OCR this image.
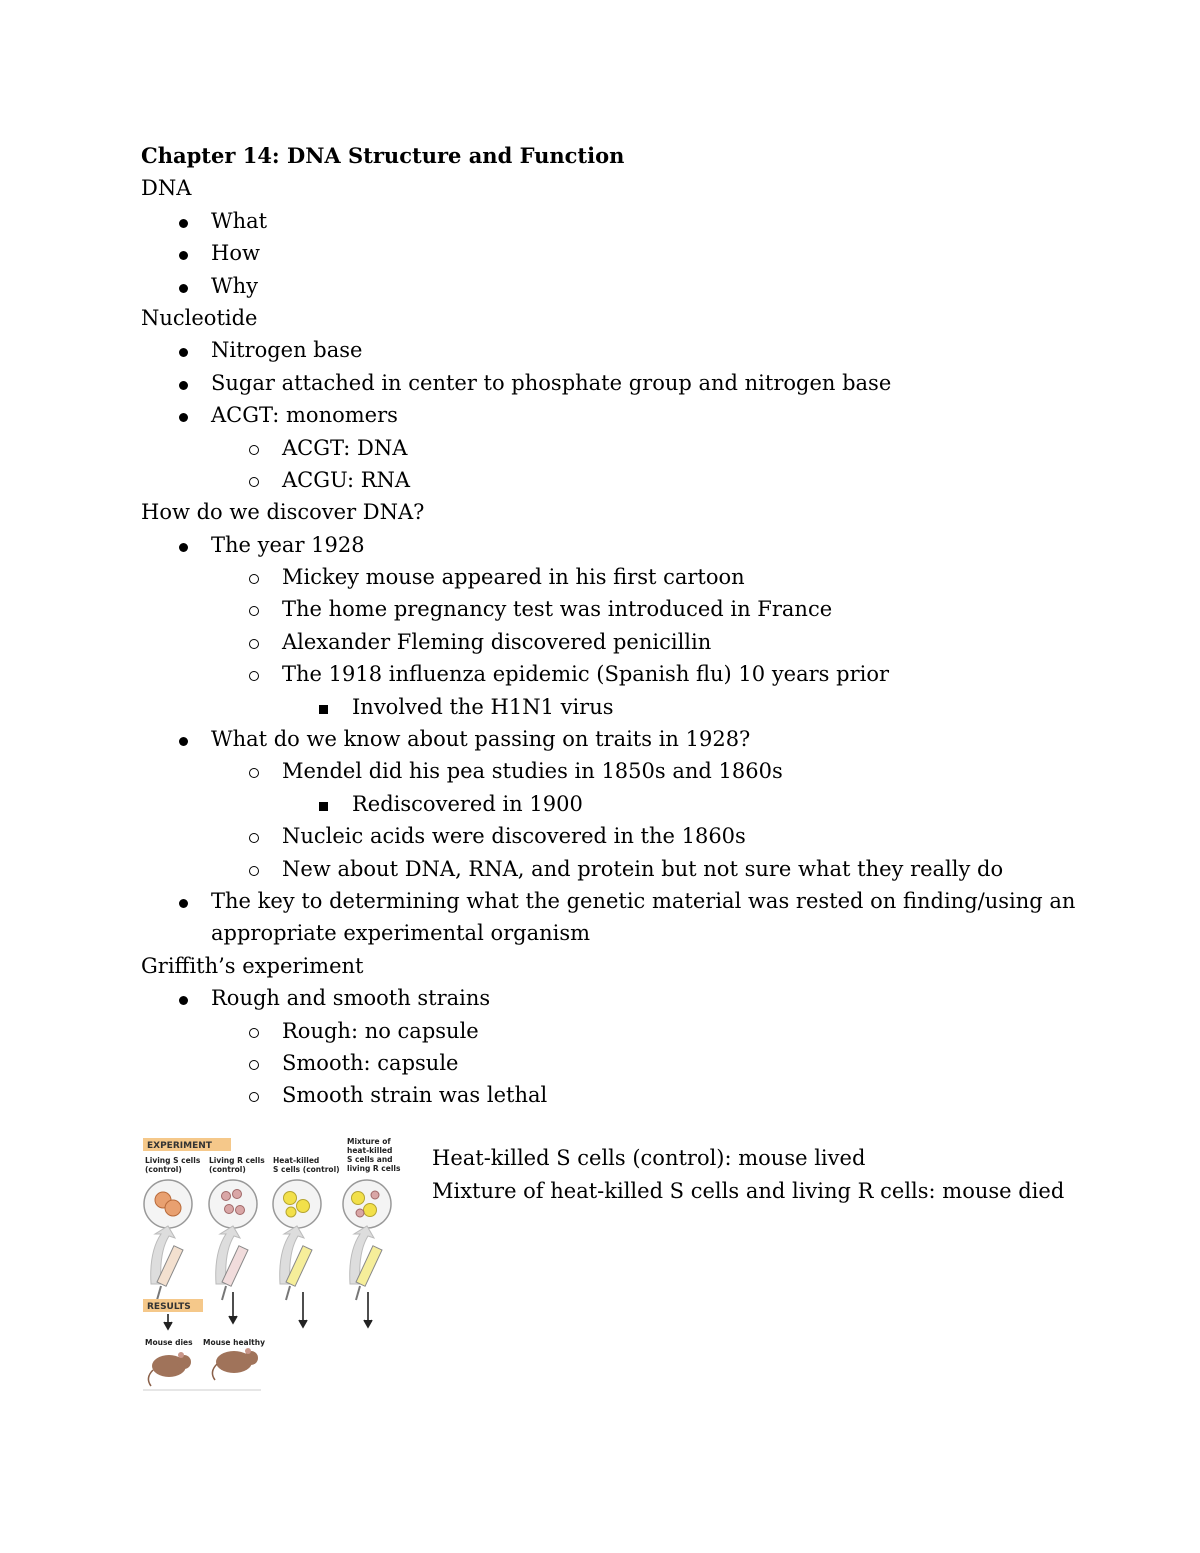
Chapter 14: DNA Structure and Function
DNA
What
How
Why
Nucleotide
Nitrogen base
Sugar attached in center to phosphate group and nitrogen base
ACGT: monomers
ACGT: DNA
ACGU: RNA
How do we discover DNA?
The year 1928
Mickey mouse appeared in his first cartoon
The home pregnancy test was introduced in France
Alexander Fleming discovered penicillin
The 1918 influenza epidemic (Spanish flu) 10 years prior
Involved the H1N1 virus
What do we know about passing on traits in 1928?
Mendel did his pea studies in 1850s and 1860s
Rediscovered in 1900
Nucleic acids were discovered in the 1860s
New about DNA, RNA, and protein but not sure what they really do
The key to determining what the genetic material was rested on finding/using an
appropriate experimental organism
Griffith’s experiment
Rough and smooth strains
Rough: no capsule
Smooth: capsule
Smooth strain was lethal
EXPERIMENT
Living S cells (control) Living R cells (control) Heat-killed S cells (control) Mixture of heat-killed S cells and living R cells
RESULTS
Mouse dies Mouse healthy
Heat-killed S cells (control): mouse lived
Mixture of heat-killed S cells and living R cells: mouse died
